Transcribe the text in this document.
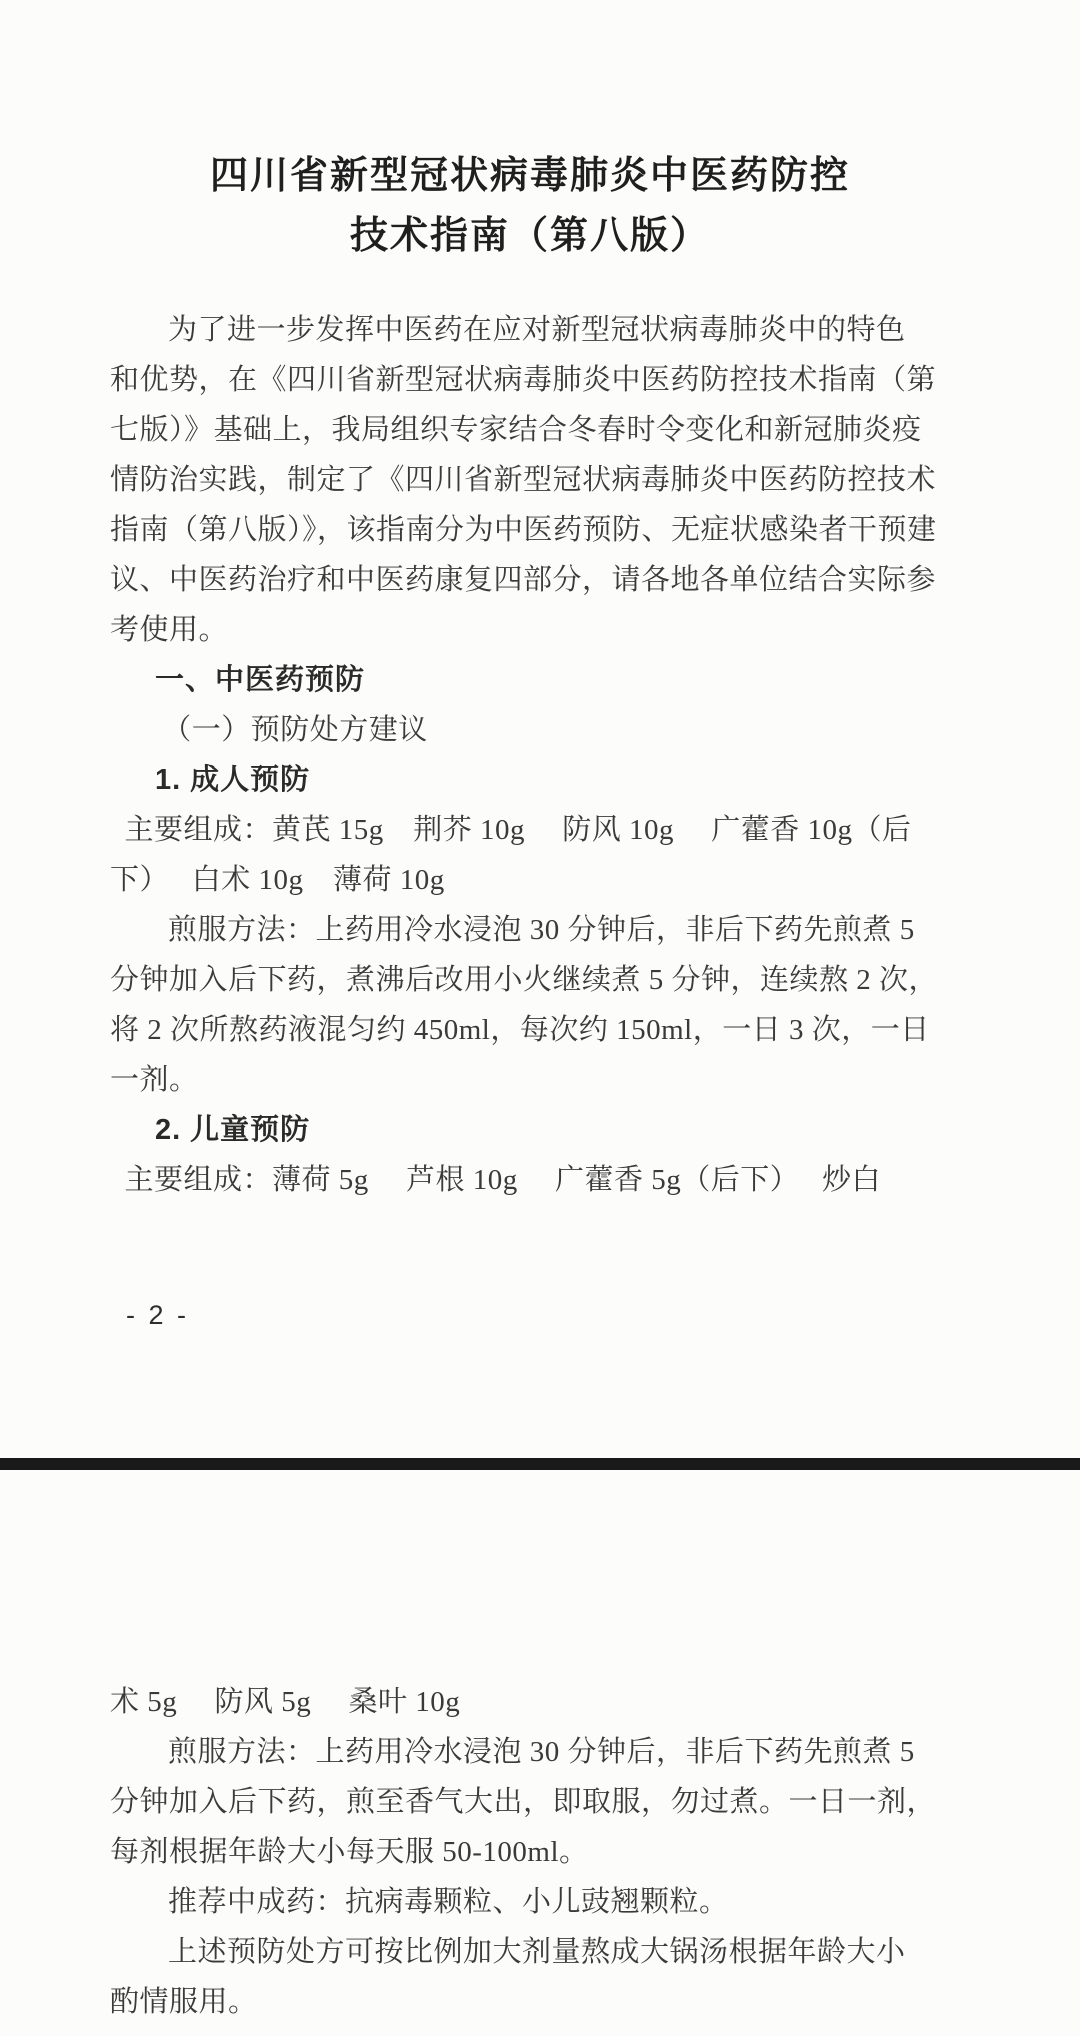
四川省新型冠状病毒肺炎中医药防控
技术指南（第八版）
为了进一步发挥中医药在应对新型冠状病毒肺炎中的特色
和优势，在《四川省新型冠状病毒肺炎中医药防控技术指南（第
七版）》基础上，我局组织专家结合冬春时令变化和新冠肺炎疫
情防治实践，制定了《四川省新型冠状病毒肺炎中医药防控技术
指南（第八版）》，该指南分为中医药预防、无症状感染者干预建
议、中医药治疗和中医药康复四部分，请各地各单位结合实际参
考使用。
一、中医药预防
（一）预防处方建议
1. 成人预防
主要组成：黄芪 15g　荆芥 10g　 防风 10g　 广藿香 10g（后
下）　 白术 10g　薄荷 10g
煎服方法：上药用冷水浸泡 30 分钟后，非后下药先煎煮 5
分钟加入后下药，煮沸后改用小火继续煮 5 分钟，连续熬 2 次，
将 2 次所熬药液混匀约 450ml，每次约 150ml，一日 3 次，一日
一剂。
2. 儿童预防
主要组成：薄荷 5g　 芦根 10g　 广藿香 5g（后下）　 炒白
- 2 -
术 5g　 防风 5g　 桑叶 10g
煎服方法：上药用冷水浸泡 30 分钟后，非后下药先煎煮 5
分钟加入后下药，煎至香气大出，即取服，勿过煮。一日一剂，
每剂根据年龄大小每天服 50-100ml。
推荐中成药：抗病毒颗粒、小儿豉翘颗粒。
上述预防处方可按比例加大剂量熬成大锅汤根据年龄大小
酌情服用。
